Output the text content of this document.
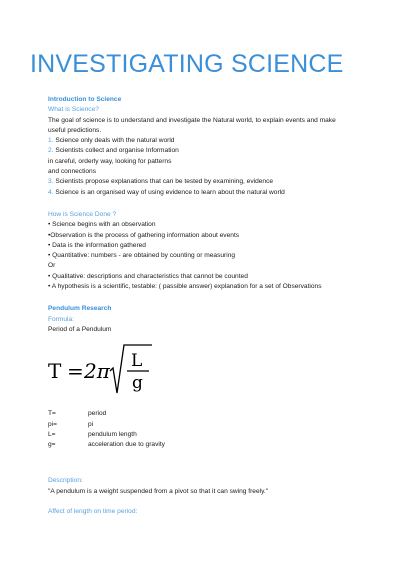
INVESTIGATING SCIENCE

Introduction to Science

What is Science?

The goal of science is to understand and investigate the Natural world, to explain events and make

useful predictions.

1. Science only deals with the natural world

2. Scientists collect and organise Information

in careful, orderly way, looking for patterns

and connections

3. Scientists propose explanations that can be tested by examining, evidence

4. Science is an organised way of using evidence to learn about the natural world

How is Science Done ?

• Science begins with an observation

•Observation is the process of gathering information about events

• Data is the information gathered

• Quantitative: numbers - are obtained by counting or measuring

Or

• Qualitative: descriptions and characteristics that cannot be counted

• A hypothesis is a scientific, testable: ( passible answer) explanation for a set of Observations

Pendulum Research

Formula:

Period of a Pendulum

T = 2π L
g
T=	period
pi=	pi
L=	pendulum length
g=	acceleration due to gravity

Description:

"A pendulum is a weight suspended from a pivot so that it can swing freely."

Affect of length on time period:
